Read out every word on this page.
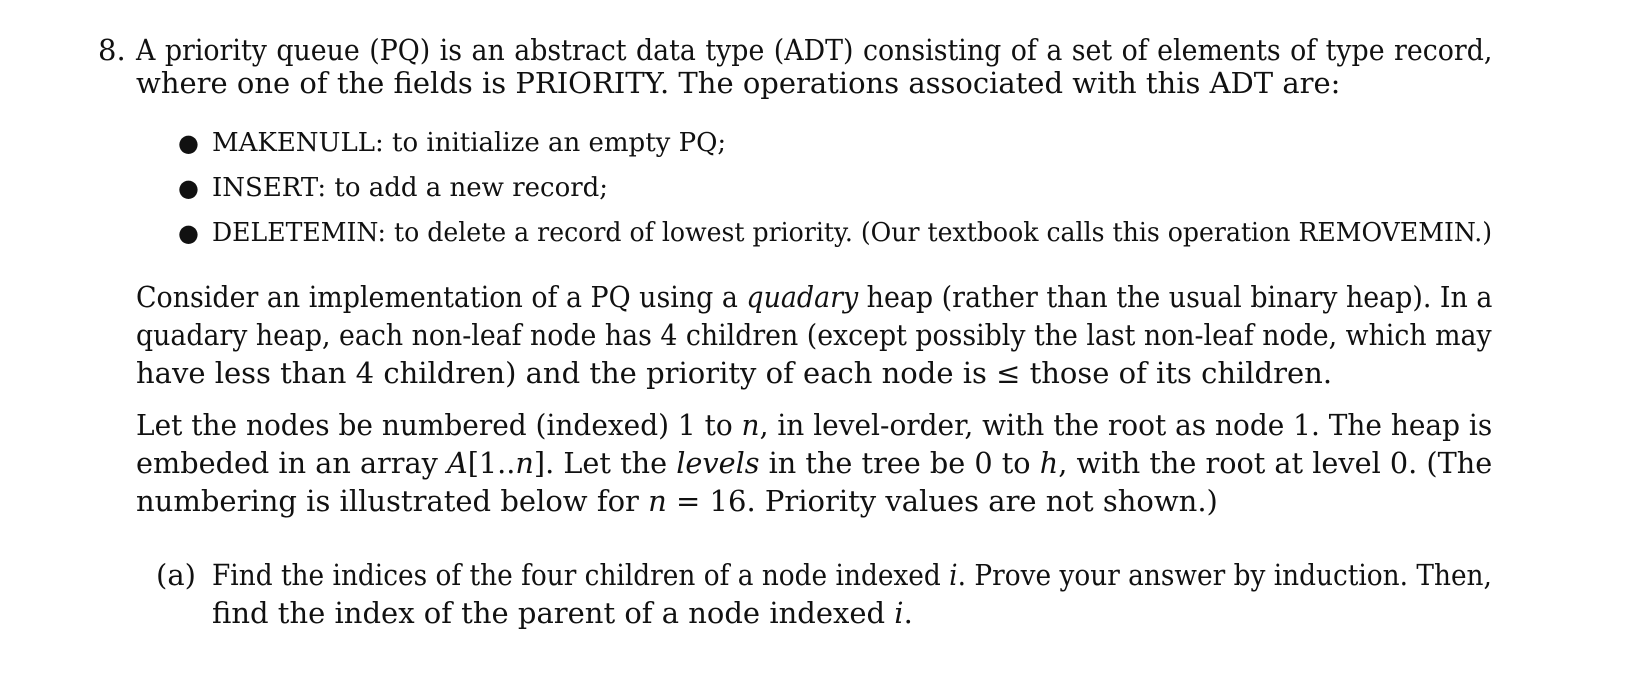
8. A priority queue (PQ) is an abstract data type (ADT) consisting of a set of elements of type record,
where one of the fields is PRIORITY. The operations associated with this ADT are:
● MAKENULL: to initialize an empty PQ;
● INSERT: to add a new record;
● DELETEMIN: to delete a record of lowest priority. (Our textbook calls this operation REMOVEMIN.)
Consider an implementation of a PQ using a quadary heap (rather than the usual binary heap). In a
quadary heap, each non-leaf node has 4 children (except possibly the last non-leaf node, which may
have less than 4 children) and the priority of each node is ≤ those of its children.
Let the nodes be numbered (indexed) 1 to n, in level-order, with the root as node 1. The heap is
embeded in an array A[1..n]. Let the levels in the tree be 0 to h, with the root at level 0. (The
numbering is illustrated below for n = 16. Priority values are not shown.)
(a) Find the indices of the four children of a node indexed i. Prove your answer by induction. Then,
find the index of the parent of a node indexed i.
